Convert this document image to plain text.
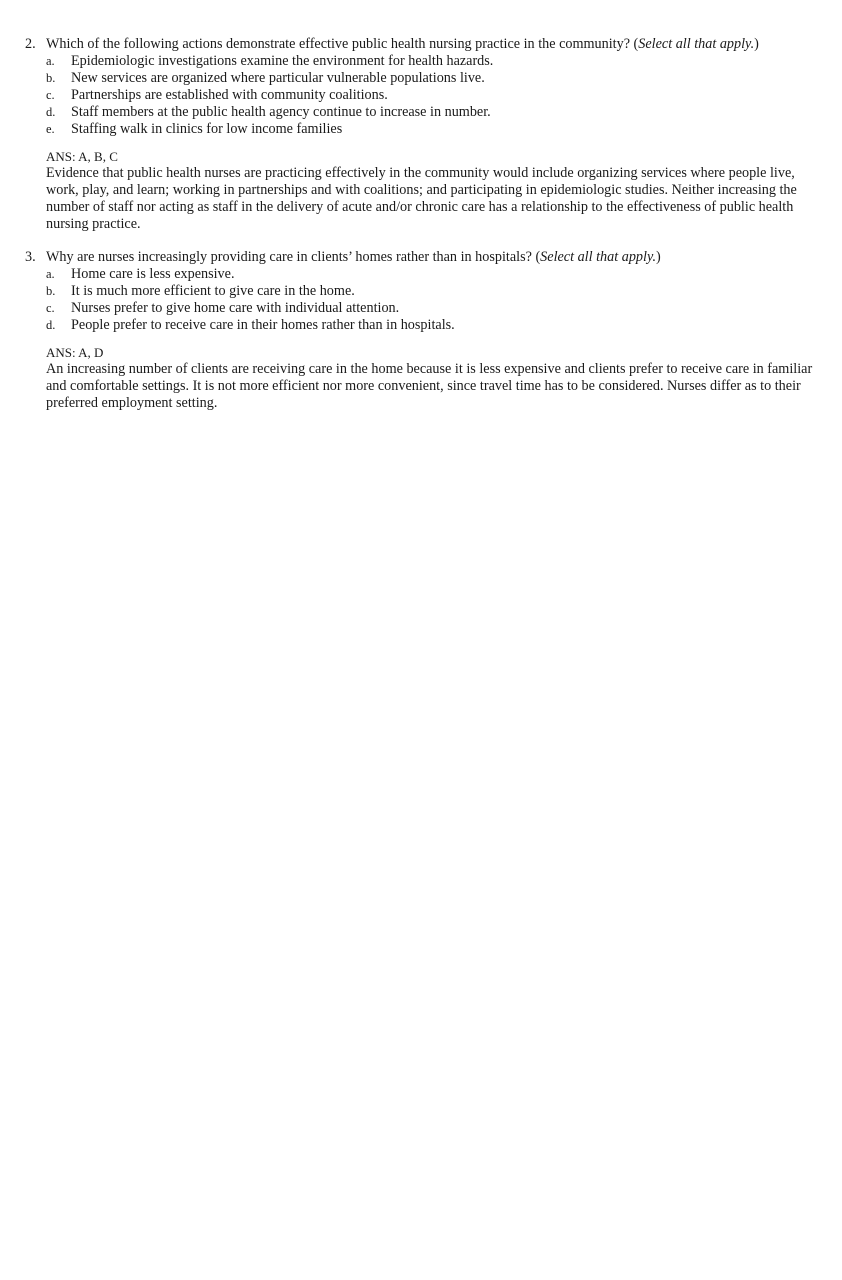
2. Which of the following actions demonstrate effective public health nursing practice in the community? (Select all that apply.)
a. Epidemiologic investigations examine the environment for health hazards.
b. New services are organized where particular vulnerable populations live.
c. Partnerships are established with community coalitions.
d. Staff members at the public health agency continue to increase in number.
e. Staffing walk in clinics for low income families
ANS: A, B, C
Evidence that public health nurses are practicing effectively in the community would include organizing services where people live, work, play, and learn; working in partnerships and with coalitions; and participating in epidemiologic studies. Neither increasing the number of staff nor acting as staff in the delivery of acute and/or chronic care has a relationship to the effectiveness of public health nursing practice.
3. Why are nurses increasingly providing care in clients’ homes rather than in hospitals? (Select all that apply.)
a. Home care is less expensive.
b. It is much more efficient to give care in the home.
c. Nurses prefer to give home care with individual attention.
d. People prefer to receive care in their homes rather than in hospitals.
ANS: A, D
An increasing number of clients are receiving care in the home because it is less expensive and clients prefer to receive care in familiar and comfortable settings. It is not more efficient nor more convenient, since travel time has to be considered. Nurses differ as to their preferred employment setting.
